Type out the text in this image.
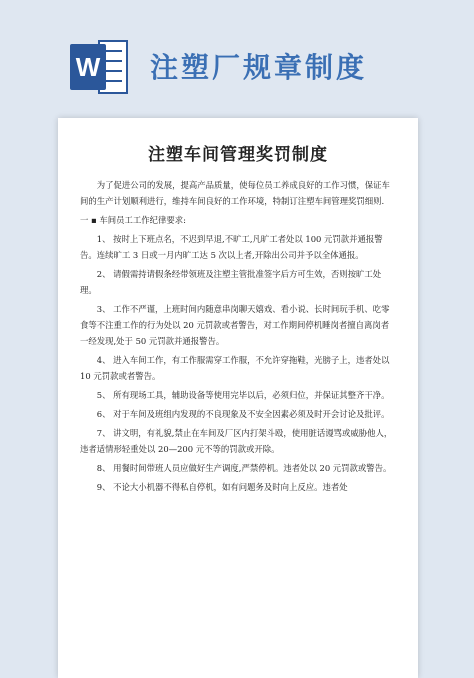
W 注塑厂规章制度
注塑车间管理奖罚制度

为了促进公司的发展，提高产品质量，使每位员工养成良好的工作习惯，保证车间的生产计划顺利进行，维持车间良好的工作环境，特制订注塑车间管理奖罚细则.

一 ▪ 车间员工工作纪律要求:

1、 按时上下班点名，不迟到早退,不旷工,凡旷工者处以 100 元罚款并通报警告。连续旷工 3 日或一月内旷工达 5 次以上者,开除出公司并予以全体通报。

2、 请假需持请假条经带领班及注塑主管批准签字后方可生效，否则按旷工处理。

3、 工作不严谨，上班时间内随意串岗聊天嬉戏、看小说、长时间玩手机、吃零食等不注重工作的行为处以 20 元罚款或者警告，对工作期间停机睡岗者擅自离岗者一经发现,处于 50 元罚款并通报警告。

4、 进入车间工作，有工作服需穿工作服，不允许穿拖鞋，光膀子上，违者处以 10 元罚款或者警告。

5、 所有现场工具，辅助设备等使用完毕以后，必须归位，并保证其整齐干净。

6、 对于车间及班组内发现的不良现象及不安全因素必须及时开会讨论及批评。

7、 讲文明，有礼貌,禁止在车间及厂区内打架斗殴，使用脏话谩骂或威胁他人，违者适情形轻重处以 20—200 元不等的罚款或开除。

8、 用餐时间带班人员应做好生产调度,严禁停机。违者处以 20 元罚款或警告。

9、 不论大小机器不得私自停机，如有问题务及时向上反应。违者处
